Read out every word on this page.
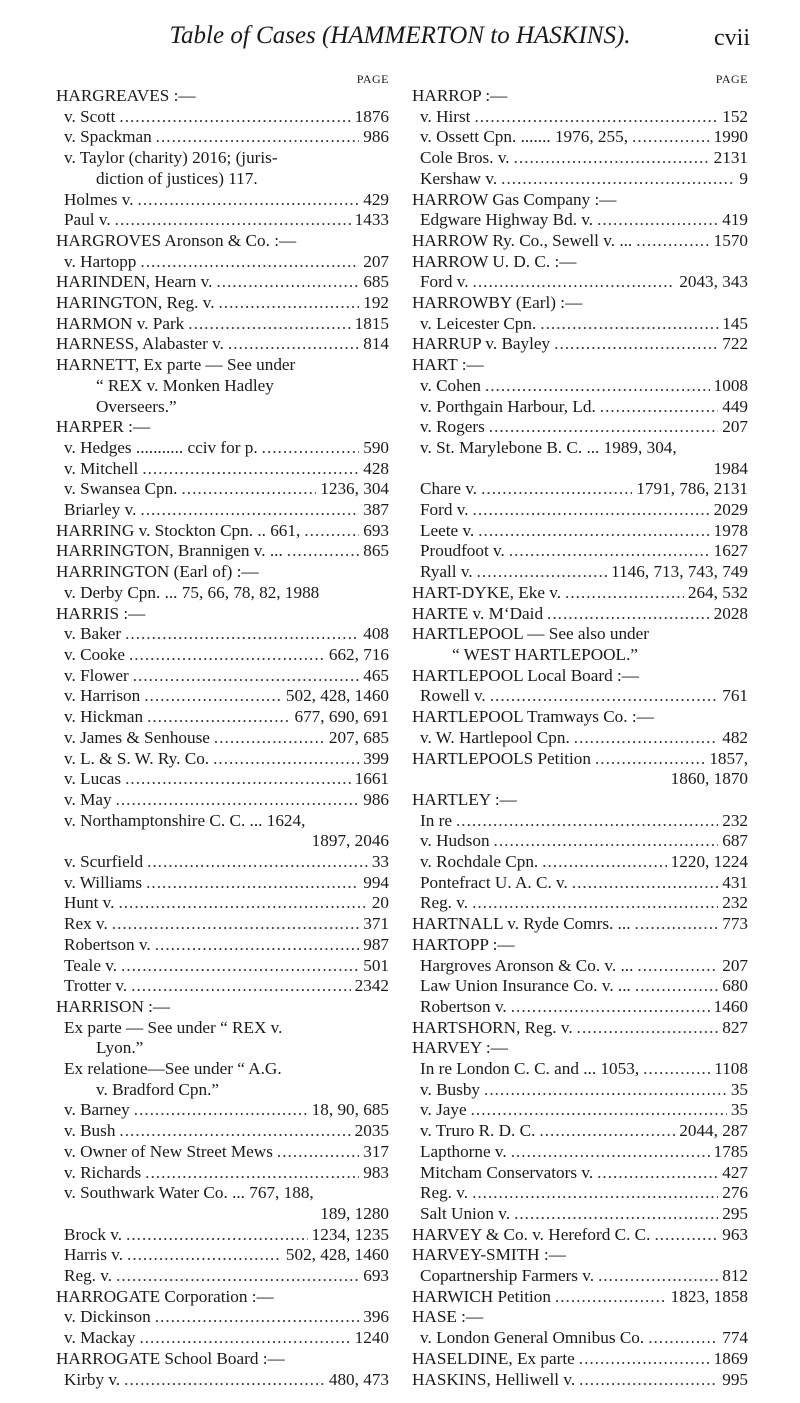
Table of Cases (HAMMERTON to HASKINS).	cvii
PAGE
HARGREAVES :—
v. Scott .....	1876
v. Spackman .....	986
v. Taylor (charity) 2016; (juris-
diction of justices) 117.
Holmes v. .....	429
Paul v. .....	1433
HARGROVES Aronson & Co. :—
v. Hartopp .....	207
HARINDEN, Hearn v. .....	685
HARINGTON, Reg. v. .....	192
HARMON v. Park .....	1815
HARNESS, Alabaster v. .....	814
HARNETT, Ex parte — See under
“ REX v. Monken Hadley
Overseers.”
HARPER :—
v. Hedges ........... cciv for p. .....	590
v. Mitchell .....	428
v. Swansea Cpn. .....	1236, 304
Briarley v. .....	387
HARRING v. Stockton Cpn. .. 661, .....	693
HARRINGTON, Brannigen v. ... .....	865
HARRINGTON (Earl of) :—
v. Derby Cpn. ... 75, 66, 78, 82, 1988
HARRIS :—
v. Baker .....	408
v. Cooke .....	662, 716
v. Flower .....	465
v. Harrison .....	502, 428, 1460
v. Hickman .....	677, 690, 691
v. James & Senhouse .....	207, 685
v. L. & S. W. Ry. Co. .....	399
v. Lucas .....	1661
v. May .....	986
v. Northamptonshire C. C. ... 1624,
1897, 2046
v. Scurfield .....	33
v. Williams .....	994
Hunt v. .....	20
Rex v. .....	371
Robertson v. .....	987
Teale v. .....	501
Trotter v. .....	2342
HARRISON :—
Ex parte — See under “ REX v.
Lyon.”
Ex relatione—See under “ A.G.
v. Bradford Cpn.”
v. Barney .....	18, 90, 685
v. Bush .....	2035
v. Owner of New Street Mews .....	317
v. Richards .....	983
v. Southwark Water Co. ... 767, 188,
189, 1280
Brock v. .....	1234, 1235
Harris v. .....	502, 428, 1460
Reg. v. .....	693
HARROGATE Corporation :—
v. Dickinson .....	396
v. Mackay .....	1240
HARROGATE School Board :—
Kirby v. .....	480, 473
PAGE
HARROP :—
v. Hirst .....	152
v. Ossett Cpn. ....... 1976, 255, .....	1990
Cole Bros. v. .....	2131
Kershaw v. .....	9
HARROW Gas Company :—
Edgware Highway Bd. v. .....	419
HARROW Ry. Co., Sewell v. ... .....	1570
HARROW U. D. C. :—
Ford v. .....	2043, 343
HARROWBY (Earl) :—
v. Leicester Cpn. .....	145
HARRUP v. Bayley .....	722
HART :—
v. Cohen .....	1008
v. Porthgain Harbour, Ld. .....	449
v. Rogers .....	207
v. St. Marylebone B. C. ... 1989, 304,
1984
Chare v. .....	1791, 786, 2131
Ford v. .....	2029
Leete v. .....	1978
Proudfoot v. .....	1627
Ryall v. .....	1146, 713, 743, 749
HART-DYKE, Eke v. .....	264, 532
HARTE v. M‘Daid .....	2028
HARTLEPOOL — See also under
“ WEST HARTLEPOOL.”
HARTLEPOOL Local Board :—
Rowell v. .....	761
HARTLEPOOL Tramways Co. :—
v. W. Hartlepool Cpn. .....	482
HARTLEPOOLS Petition .....	1857,
1860, 1870
HARTLEY :—
In re .....	232
v. Hudson .....	687
v. Rochdale Cpn. .....	1220, 1224
Pontefract U. A. C. v. .....	431
Reg. v. .....	232
HARTNALL v. Ryde Comrs. ... .....	773
HARTOPP :—
Hargroves Aronson & Co. v. ... .....	207
Law Union Insurance Co. v. ... .....	680
Robertson v. .....	1460
HARTSHORN, Reg. v. .....	827
HARVEY :—
In re London C. C. and ... 1053, .....	1108
v. Busby .....	35
v. Jaye .....	35
v. Truro R. D. C. .....	2044, 287
Lapthorne v. .....	1785
Mitcham Conservators v. .....	427
Reg. v. .....	276
Salt Union v. .....	295
HARVEY & Co. v. Hereford C. C. .....	963
HARVEY-SMITH :—
Copartnership Farmers v. .....	812
HARWICH Petition .....	1823, 1858
HASE :—
v. London General Omnibus Co. .....	774
HASELDINE, Ex parte .....	1869
HASKINS, Helliwell v. .....	995
